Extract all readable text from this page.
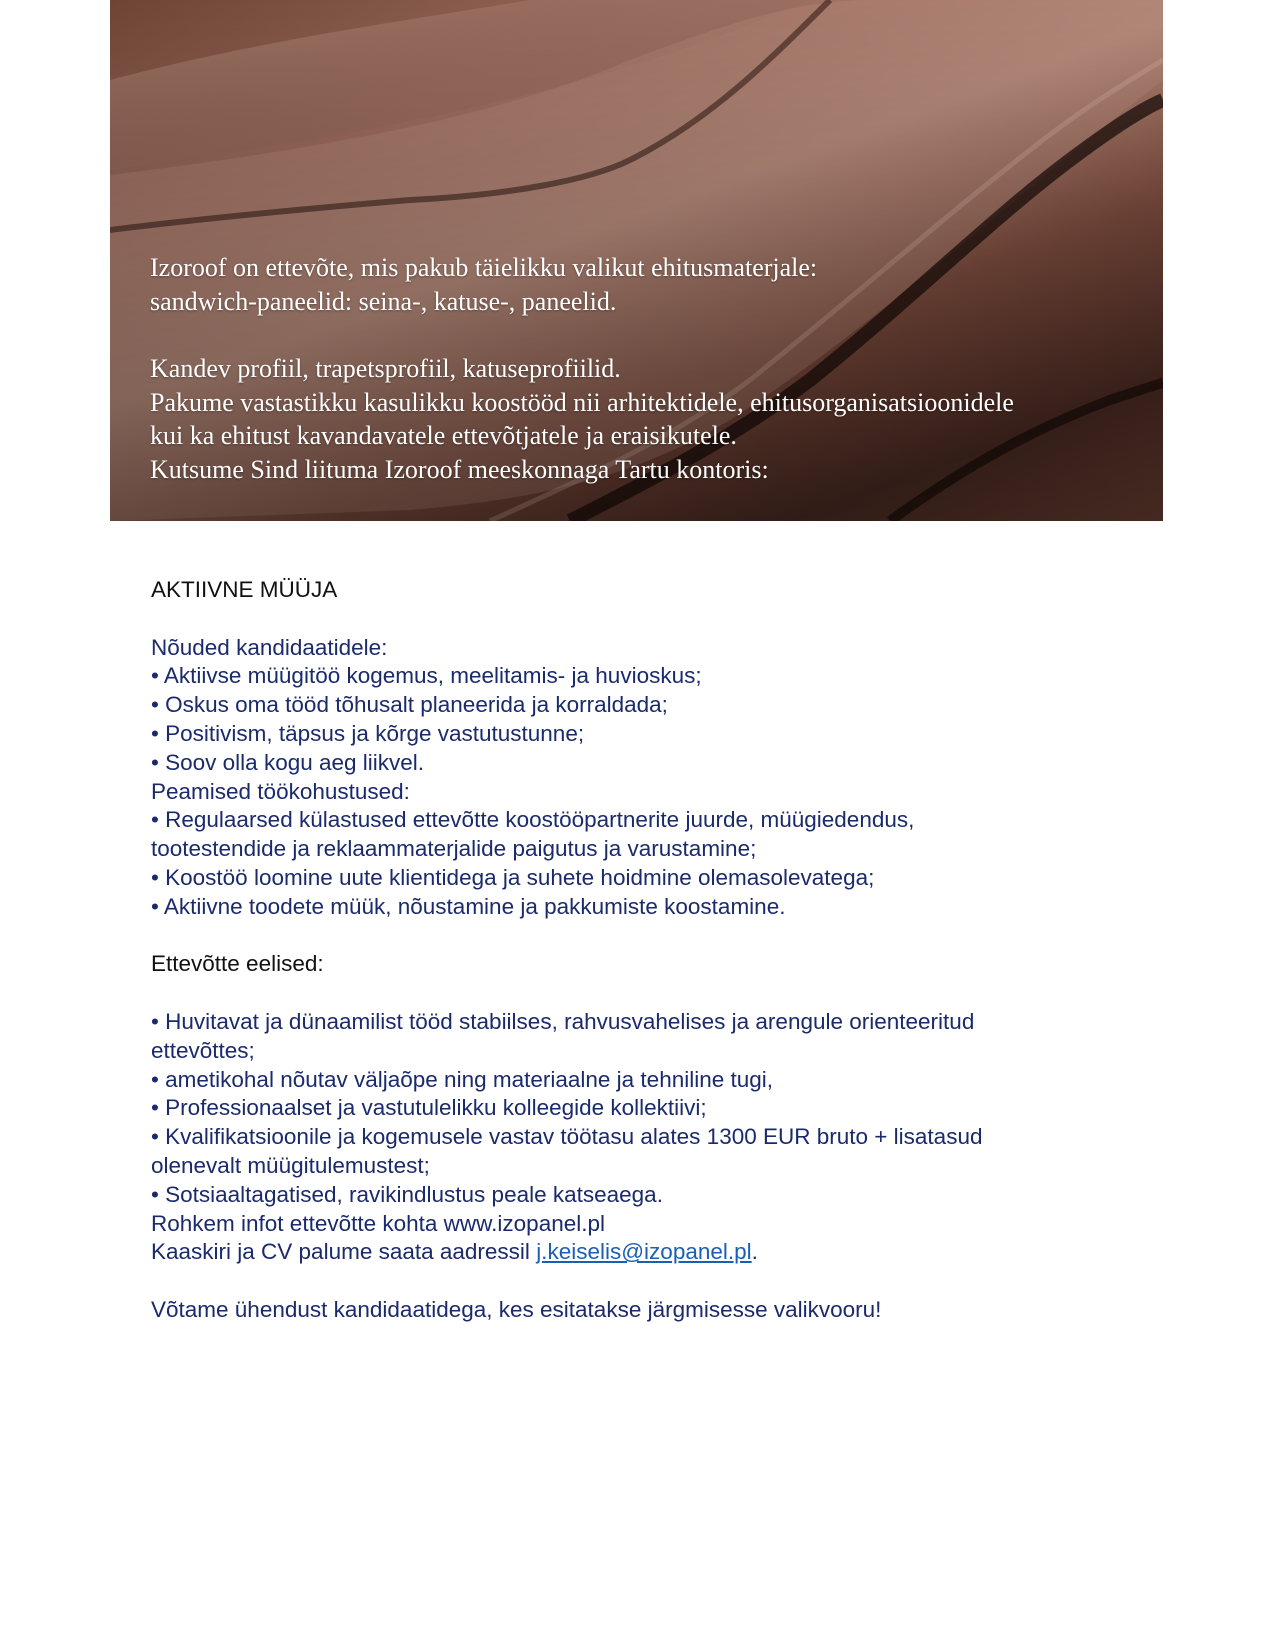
Izoroof on ettevõte, mis pakub täielikku valikut ehitusmaterjale:

sandwich-paneelid: seina-, katuse-, paneelid.

Kandev profiil, trapetsprofiil, katuseprofiilid.

Pakume vastastikku kasulikku koostööd nii arhitektidele, ehitusorganisatsioonidele

kui ka ehitust kavandavatele ettevõtjatele ja eraisikutele.

Kutsume Sind liituma Izoroof meeskonnaga Tartu kontoris:

AKTIIVNE MÜÜJA

Nõuded kandidaatidele:

• Aktiivse müügitöö kogemus, meelitamis- ja huvioskus;

• Oskus oma tööd tõhusalt planeerida ja korraldada;

• Positivism, täpsus ja kõrge vastutustunne;

• Soov olla kogu aeg liikvel.

Peamised töökohustused:

• Regulaarsed külastused ettevõtte koostööpartnerite juurde, müügiedendus,

tootestendide ja reklaammaterjalide paigutus ja varustamine;

• Koostöö loomine uute klientidega ja suhete hoidmine olemasolevatega;

• Aktiivne toodete müük, nõustamine ja pakkumiste koostamine.

Ettevõtte eelised:

• Huvitavat ja dünaamilist tööd stabiilses, rahvusvahelises ja arengule orienteeritud

ettevõttes;

• ametikohal nõutav väljaõpe ning materiaalne ja tehniline tugi,

• Professionaalset ja vastutulelikku kolleegide kollektiivi;

• Kvalifikatsioonile ja kogemusele vastav töötasu alates 1300 EUR bruto + lisatasud

olenevalt müügitulemustest;

• Sotsiaaltagatised, ravikindlustus peale katseaega.

Rohkem infot ettevõtte kohta www.izopanel.pl

Kaaskiri ja CV palume saata aadressil j.keiselis@izopanel.pl.

Võtame ühendust kandidaatidega, kes esitatakse järgmisesse valikvooru!
